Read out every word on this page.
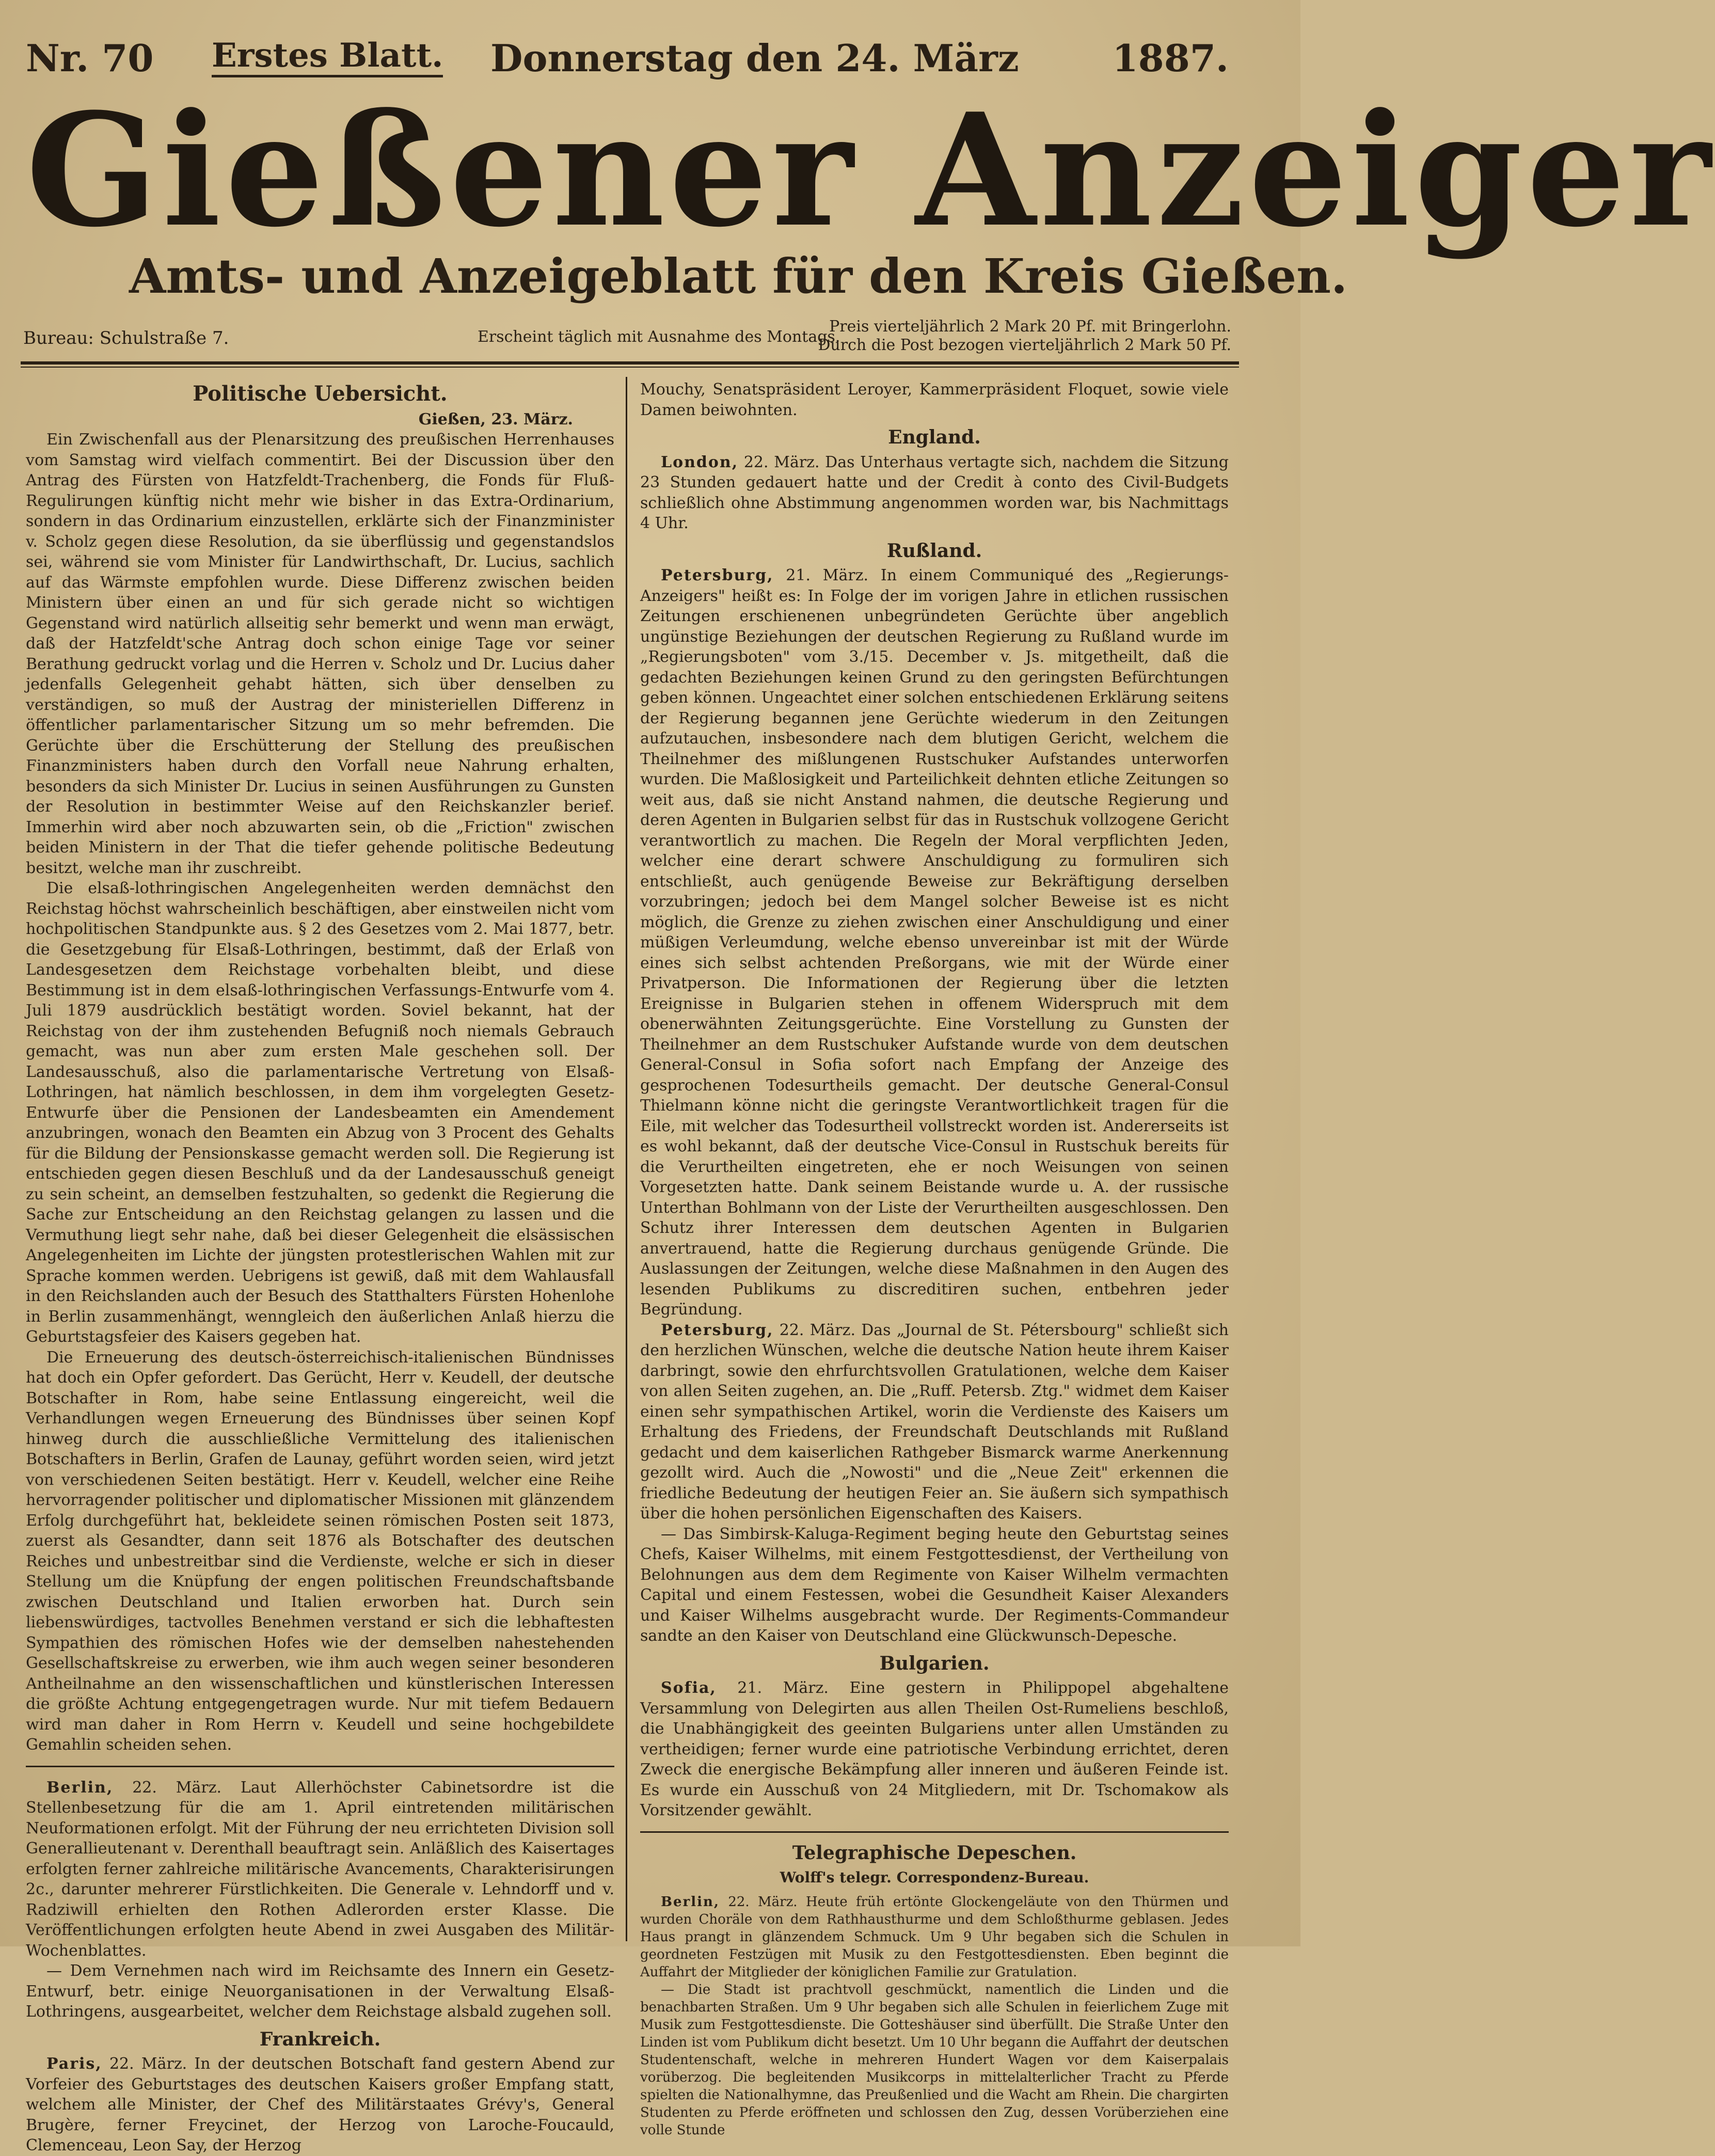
Nr. 70 Erstes Blatt. Donnerstag den 24. März	1887.
Gießener Anzeiger
Amts- und Anzeigeblatt für den Kreis Gießen.
Bureau: Schulstraße 7.	Erscheint täglich mit Ausnahme des Montags.
Preis vierteljährlich 2 Mark 20 Pf. mit Bringerlohn.
Durch die Post bezogen vierteljährlich 2 Mark 50 Pf.
Politische Uebersicht.
Gießen, 23. März.

Ein Zwischenfall aus der Plenarsitzung des preußischen Herrenhauses vom Samstag wird vielfach commentirt. Bei der Discussion über den Antrag des Fürsten von Hatzfeldt-Trachenberg, die Fonds für Fluß-Regulirungen künftig nicht mehr wie bisher in das Extra-Ordinarium, sondern in das Ordinarium einzustellen, erklärte sich der Finanzminister v. Scholz gegen diese Resolution, da sie überflüssig und gegenstandslos sei, während sie vom Minister für Landwirthschaft, Dr. Lucius, sachlich auf das Wärmste empfohlen wurde. Diese Differenz zwischen beiden Ministern über einen an und für sich gerade nicht so wichtigen Gegenstand wird natürlich allseitig sehr bemerkt und wenn man erwägt, daß der Hatzfeldt'sche Antrag doch schon einige Tage vor seiner Berathung gedruckt vorlag und die Herren v. Scholz und Dr. Lucius daher jedenfalls Gelegenheit gehabt hätten, sich über denselben zu verständigen, so muß der Austrag der ministeriellen Differenz in öffentlicher parlamentarischer Sitzung um so mehr befremden. Die Gerüchte über die Erschütterung der Stellung des preußischen Finanzministers haben durch den Vorfall neue Nahrung erhalten, besonders da sich Minister Dr. Lucius in seinen Ausführungen zu Gunsten der Resolution in bestimmter Weise auf den Reichskanzler berief. Immerhin wird aber noch abzuwarten sein, ob die „Friction" zwischen beiden Ministern in der That die tiefer gehende politische Bedeutung besitzt, welche man ihr zuschreibt.

Die elsaß-lothringischen Angelegenheiten werden demnächst den Reichstag höchst wahrscheinlich beschäftigen, aber einstweilen nicht vom hochpolitischen Standpunkte aus. § 2 des Gesetzes vom 2. Mai 1877, betr. die Gesetzgebung für Elsaß-Lothringen, bestimmt, daß der Erlaß von Landesgesetzen dem Reichstage vorbehalten bleibt, und diese Bestimmung ist in dem elsaß-lothringischen Verfassungs-Entwurfe vom 4. Juli 1879 ausdrücklich bestätigt worden. Soviel bekannt, hat der Reichstag von der ihm zustehenden Befugniß noch niemals Gebrauch gemacht, was nun aber zum ersten Male geschehen soll. Der Landesausschuß, also die parlamentarische Vertretung von Elsaß-Lothringen, hat nämlich beschlossen, in dem ihm vorgelegten Gesetz-Entwurfe über die Pensionen der Landesbeamten ein Amendement anzubringen, wonach den Beamten ein Abzug von 3 Procent des Gehalts für die Bildung der Pensionskasse gemacht werden soll. Die Regierung ist entschieden gegen diesen Beschluß und da der Landesausschuß geneigt zu sein scheint, an demselben festzuhalten, so gedenkt die Regierung die Sache zur Entscheidung an den Reichstag gelangen zu lassen und die Vermuthung liegt sehr nahe, daß bei dieser Gelegenheit die elsässischen Angelegenheiten im Lichte der jüngsten protestlerischen Wahlen mit zur Sprache kommen werden. Uebrigens ist gewiß, daß mit dem Wahlausfall in den Reichslanden auch der Besuch des Statthalters Fürsten Hohenlohe in Berlin zusammenhängt, wenngleich den äußerlichen Anlaß hierzu die Geburtstagsfeier des Kaisers gegeben hat.

Die Erneuerung des deutsch-österreichisch-italienischen Bündnisses hat doch ein Opfer gefordert. Das Gerücht, Herr v. Keudell, der deutsche Botschafter in Rom, habe seine Entlassung eingereicht, weil die Verhandlungen wegen Erneuerung des Bündnisses über seinen Kopf hinweg durch die ausschließliche Vermittelung des italienischen Botschafters in Berlin, Grafen de Launay, geführt worden seien, wird jetzt von verschiedenen Seiten bestätigt. Herr v. Keudell, welcher eine Reihe hervorragender politischer und diplomatischer Missionen mit glänzendem Erfolg durchgeführt hat, bekleidete seinen römischen Posten seit 1873, zuerst als Gesandter, dann seit 1876 als Botschafter des deutschen Reiches und unbestreitbar sind die Verdienste, welche er sich in dieser Stellung um die Knüpfung der engen politischen Freundschaftsbande zwischen Deutschland und Italien erworben hat. Durch sein liebenswürdiges, tactvolles Benehmen verstand er sich die lebhaftesten Sympathien des römischen Hofes wie der demselben nahestehenden Gesellschaftskreise zu erwerben, wie ihm auch wegen seiner besonderen Antheilnahme an den wissenschaftlichen und künstlerischen Interessen die größte Achtung entgegengetragen wurde. Nur mit tiefem Bedauern wird man daher in Rom Herrn v. Keudell und seine hochgebildete Gemahlin scheiden sehen.

Berlin, 22. März. Laut Allerhöchster Cabinetsordre ist die Stellenbesetzung für die am 1. April eintretenden militärischen Neuformationen erfolgt. Mit der Führung der neu errichteten Division soll Generallieutenant v. Derenthall beauftragt sein. Anläßlich des Kaisertages erfolgten ferner zahlreiche militärische Avancements, Charakterisirungen 2c., darunter mehrerer Fürstlichkeiten. Die Generale v. Lehndorff und v. Radziwill erhielten den Rothen Adlerorden erster Klasse. Die Veröffentlichungen erfolgten heute Abend in zwei Ausgaben des Militär-Wochenblattes.

— Dem Vernehmen nach wird im Reichsamte des Innern ein Gesetz-Entwurf, betr. einige Neuorganisationen in der Verwaltung Elsaß-Lothringens, ausgearbeitet, welcher dem Reichstage alsbald zugehen soll.

Frankreich.

Paris, 22. März. In der deutschen Botschaft fand gestern Abend zur Vorfeier des Geburtstages des deutschen Kaisers großer Empfang statt, welchem alle Minister, der Chef des Militärstaates Grévy's, General Brugère, ferner Freycinet, der Herzog von Laroche-Foucauld, Clemenceau, Leon Say, der Herzog

Mouchy, Senatspräsident Leroyer, Kammerpräsident Floquet, sowie viele Damen beiwohnten.

England.

London, 22. März. Das Unterhaus vertagte sich, nachdem die Sitzung 23 Stunden gedauert hatte und der Credit à conto des Civil-Budgets schließlich ohne Abstimmung angenommen worden war, bis Nachmittags 4 Uhr.

Rußland.

Petersburg, 21. März. In einem Communiqué des „Regierungs-Anzeigers" heißt es: In Folge der im vorigen Jahre in etlichen russischen Zeitungen erschienenen unbegründeten Gerüchte über angeblich ungünstige Beziehungen der deutschen Regierung zu Rußland wurde im „Regierungsboten" vom 3./15. December v. Js. mitgetheilt, daß die gedachten Beziehungen keinen Grund zu den geringsten Befürchtungen geben können. Ungeachtet einer solchen entschiedenen Erklärung seitens der Regierung begannen jene Gerüchte wiederum in den Zeitungen aufzutauchen, insbesondere nach dem blutigen Gericht, welchem die Theilnehmer des mißlungenen Rustschuker Aufstandes unterworfen wurden. Die Maßlosigkeit und Parteilichkeit dehnten etliche Zeitungen so weit aus, daß sie nicht Anstand nahmen, die deutsche Regierung und deren Agenten in Bulgarien selbst für das in Rustschuk vollzogene Gericht verantwortlich zu machen. Die Regeln der Moral verpflichten Jeden, welcher eine derart schwere Anschuldigung zu formuliren sich entschließt, auch genügende Beweise zur Bekräftigung derselben vorzubringen; jedoch bei dem Mangel solcher Beweise ist es nicht möglich, die Grenze zu ziehen zwischen einer Anschuldigung und einer müßigen Verleumdung, welche ebenso unvereinbar ist mit der Würde eines sich selbst achtenden Preßorgans, wie mit der Würde einer Privatperson. Die Informationen der Regierung über die letzten Ereignisse in Bulgarien stehen in offenem Widerspruch mit dem obenerwähnten Zeitungsgerüchte. Eine Vorstellung zu Gunsten der Theilnehmer an dem Rustschuker Aufstande wurde von dem deutschen General-Consul in Sofia sofort nach Empfang der Anzeige des gesprochenen Todesurtheils gemacht. Der deutsche General-Consul Thielmann könne nicht die geringste Verantwortlichkeit tragen für die Eile, mit welcher das Todesurtheil vollstreckt worden ist. Andererseits ist es wohl bekannt, daß der deutsche Vice-Consul in Rustschuk bereits für die Verurtheilten eingetreten, ehe er noch Weisungen von seinen Vorgesetzten hatte. Dank seinem Beistande wurde u. A. der russische Unterthan Bohlmann von der Liste der Verurtheilten ausgeschlossen. Den Schutz ihrer Interessen dem deutschen Agenten in Bulgarien anvertrauend, hatte die Regierung durchaus genügende Gründe. Die Auslassungen der Zeitungen, welche diese Maßnahmen in den Augen des lesenden Publikums zu discreditiren suchen, entbehren jeder Begründung.

Petersburg, 22. März. Das „Journal de St. Pétersbourg" schließt sich den herzlichen Wünschen, welche die deutsche Nation heute ihrem Kaiser darbringt, sowie den ehrfurchtsvollen Gratulationen, welche dem Kaiser von allen Seiten zugehen, an. Die „Ruff. Petersb. Ztg." widmet dem Kaiser einen sehr sympathischen Artikel, worin die Verdienste des Kaisers um Erhaltung des Friedens, der Freundschaft Deutschlands mit Rußland gedacht und dem kaiserlichen Rathgeber Bismarck warme Anerkennung gezollt wird. Auch die „Nowosti" und die „Neue Zeit" erkennen die friedliche Bedeutung der heutigen Feier an. Sie äußern sich sympathisch über die hohen persönlichen Eigenschaften des Kaisers.

— Das Simbirsk-Kaluga-Regiment beging heute den Geburtstag seines Chefs, Kaiser Wilhelms, mit einem Festgottesdienst, der Vertheilung von Belohnungen aus dem dem Regimente von Kaiser Wilhelm vermachten Capital und einem Festessen, wobei die Gesundheit Kaiser Alexanders und Kaiser Wilhelms ausgebracht wurde. Der Regiments-Commandeur sandte an den Kaiser von Deutschland eine Glückwunsch-Depesche.

Bulgarien.

Sofia, 21. März. Eine gestern in Philippopel abgehaltene Versammlung von Delegirten aus allen Theilen Ost-Rumeliens beschloß, die Unabhängigkeit des geeinten Bulgariens unter allen Umständen zu vertheidigen; ferner wurde eine patriotische Verbindung errichtet, deren Zweck die energische Bekämpfung aller inneren und äußeren Feinde ist. Es wurde ein Ausschuß von 24 Mitgliedern, mit Dr. Tschomakow als Vorsitzender gewählt.

Telegraphische Depeschen.
Wolff's telegr. Correspondenz-Bureau.

Berlin, 22. März. Heute früh ertönte Glockengeläute von den Thürmen und wurden Choräle von dem Rathhausthurme und dem Schloßthurme geblasen. Jedes Haus prangt in glänzendem Schmuck. Um 9 Uhr begaben sich die Schulen in geordneten Festzügen mit Musik zu den Festgottesdiensten. Eben beginnt die Auffahrt der Mitglieder der königlichen Familie zur Gratulation.

— Die Stadt ist prachtvoll geschmückt, namentlich die Linden und die benachbarten Straßen. Um 9 Uhr begaben sich alle Schulen in feierlichem Zuge mit Musik zum Festgottesdienste. Die Gotteshäuser sind überfüllt. Die Straße Unter den Linden ist vom Publikum dicht besetzt. Um 10 Uhr begann die Auffahrt der deutschen Studentenschaft, welche in mehreren Hundert Wagen vor dem Kaiserpalais vorüberzog. Die begleitenden Musikcorps in mittelalterlicher Tracht zu Pferde spielten die Nationalhymne, das Preußenlied und die Wacht am Rhein. Die chargirten Studenten zu Pferde eröffneten und schlossen den Zug, dessen Vorüberziehen eine volle Stunde
